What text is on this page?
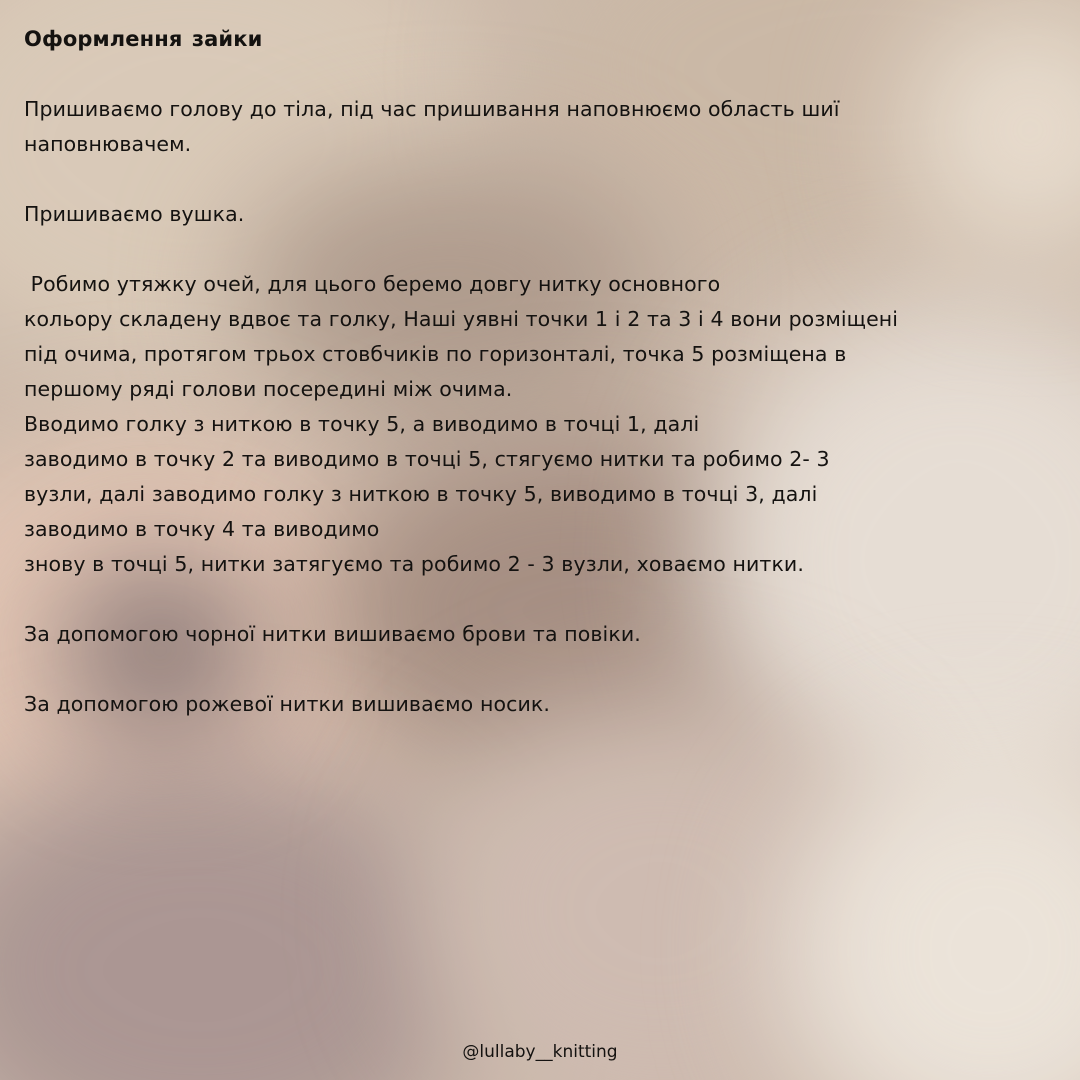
Оформлення зайки

Пришиваємо голову до тіла, під час пришивання наповнюємо область шиї
наповнювачем.

Пришиваємо вушка.

Робимо утяжку очей, для цього беремо довгу нитку основного
кольору складену вдвоє та голку, Наші уявні точки 1 і 2 та 3 і 4 вони розміщені
під очима, протягом трьох стовбчиків по горизонталі, точка 5 розміщена в
першому ряді голови посередині між очима.

Вводимо голку з ниткою в точку 5, а виводимо в точці 1, далі
заводимо в точку 2 та виводимо в точці 5, стягуємо нитки та робимо 2- 3
вузли, далі заводимо голку з ниткою в точку 5, виводимо в точці 3, далі
заводимо в точку 4 та виводимо
знову в точці 5, нитки затягуємо та робимо 2 - 3 вузли, ховаємо нитки.

За допомогою чорної нитки вишиваємо брови та повіки.

За допомогою рожевої нитки вишиваємо носик.

@lullaby__knitting
